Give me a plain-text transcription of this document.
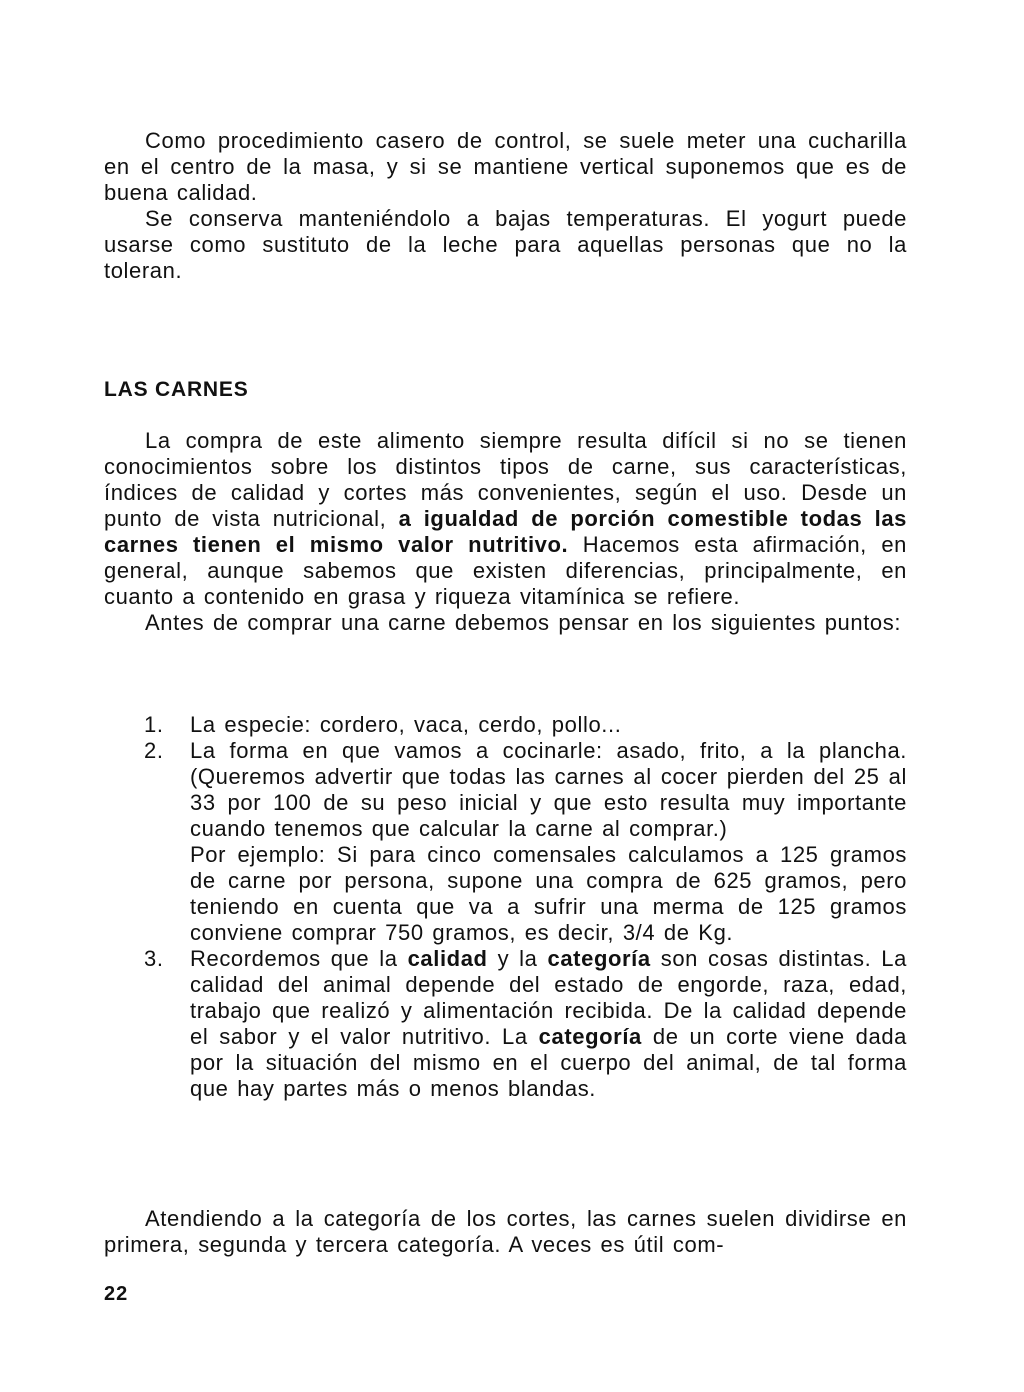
Como procedimiento casero de control, se suele meter una cucharilla en el centro de la masa, y si se mantiene vertical suponemos que es de buena calidad.

Se conserva manteniéndolo a bajas temperaturas. El yogurt puede usarse como sustituto de la leche para aquellas personas que no la toleran.

LAS CARNES

La compra de este alimento siempre resulta difícil si no se tienen conocimientos sobre los distintos tipos de carne, sus características, índices de calidad y cortes más convenientes, según el uso. Desde un punto de vista nutricional, a igualdad de porción comestible todas las carnes tienen el mismo valor nutritivo. Hacemos esta afirmación, en general, aunque sabemos que existen diferencias, principalmente, en cuanto a contenido en grasa y riqueza vitamínica se refiere.

Antes de comprar una carne debemos pensar en los siguientes puntos:

1. La especie: cordero, vaca, cerdo, pollo...

2. La forma en que vamos a cocinarle: asado, frito, a la plancha. (Queremos advertir que todas las carnes al cocer pierden del 25 al 33 por 100 de su peso inicial y que esto resulta muy importante cuando tenemos que calcular la carne al comprar.)

Por ejemplo: Si para cinco comensales calculamos a 125 gramos de carne por persona, supone una compra de 625 gramos, pero teniendo en cuenta que va a sufrir una merma de 125 gramos conviene comprar 750 gramos, es decir, 3/4 de Kg.

3. Recordemos que la calidad y la categoría son cosas distintas. La calidad del animal depende del estado de engorde, raza, edad, trabajo que realizó y alimentación recibida. De la calidad depende el sabor y el valor nutritivo. La categoría de un corte viene dada por la situación del mismo en el cuerpo del animal, de tal forma que hay partes más o menos blandas.

Atendiendo a la categoría de los cortes, las carnes suelen dividirse en primera, segunda y tercera categoría. A veces es útil com-

22
